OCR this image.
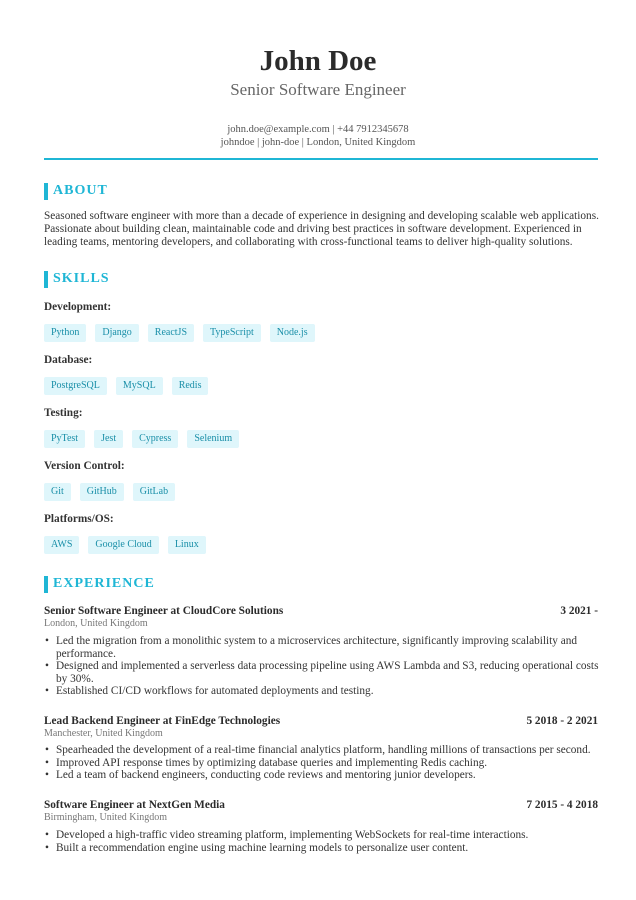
John Doe
Senior Software Engineer
john.doe@example.com | +44 7912345678
johndoe | john-doe | London, United Kingdom
ABOUT
Seasoned software engineer with more than a decade of experience in designing and developing scalable web applications.
Passionate about building clean, maintainable code and driving best practices in software development. Experienced in
leading teams, mentoring developers, and collaborating with cross-functional teams to deliver high-quality solutions.
SKILLS
Development:
Python	Django	ReactJS	TypeScript	Node.js
Database:
PostgreSQL	MySQL	Redis
Testing:
PyTest	Jest	Cypress	Selenium
Version Control:
Git	GitHub	GitLab
Platforms/OS:
AWS	Google Cloud	Linux
EXPERIENCE
Senior Software Engineer at CloudCore Solutions	3 2021 -
London, United Kingdom
• Led the migration from a monolithic system to a microservices architecture, significantly improving scalability and
performance.
• Designed and implemented a serverless data processing pipeline using AWS Lambda and S3, reducing operational costs
by 30%.
• Established CI/CD workflows for automated deployments and testing.
Lead Backend Engineer at FinEdge Technologies	5 2018 - 2 2021
Manchester, United Kingdom
• Spearheaded the development of a real-time financial analytics platform, handling millions of transactions per second.
• Improved API response times by optimizing database queries and implementing Redis caching.
• Led a team of backend engineers, conducting code reviews and mentoring junior developers.
Software Engineer at NextGen Media	7 2015 - 4 2018
Birmingham, United Kingdom
• Developed a high-traffic video streaming platform, implementing WebSockets for real-time interactions.
• Built a recommendation engine using machine learning models to personalize user content.
